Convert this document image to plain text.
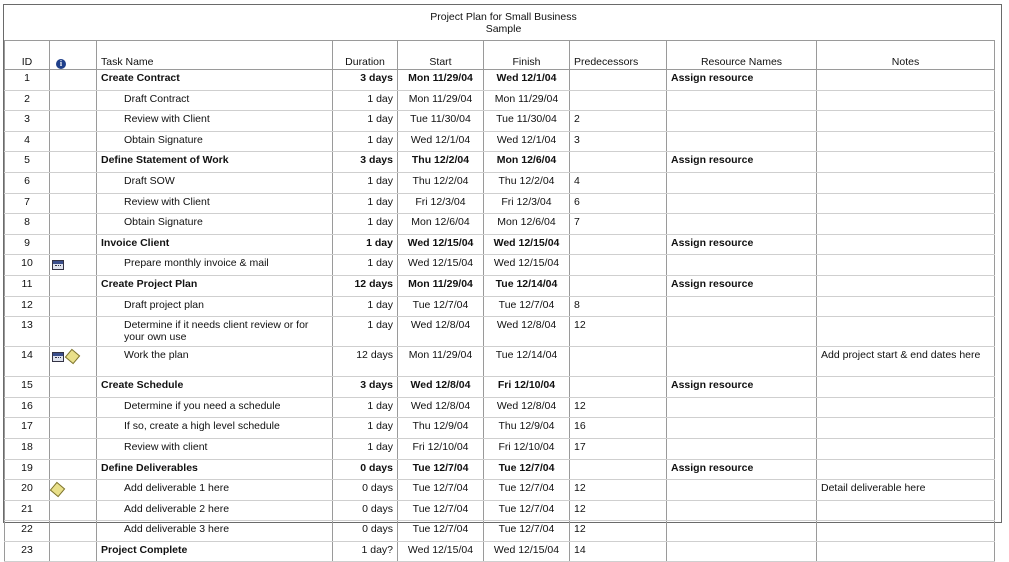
Project Plan for Small Business
Sample
ID	i	Task Name	Duration	Start	Finish	Predecessors	Resource Names	Notes
1		Create Contract	3 days	Mon 11/29/04	Wed 12/1/04		Assign resource	
2		Draft Contract	1 day	Mon 11/29/04	Mon 11/29/04			
3		Review with Client	1 day	Tue 11/30/04	Tue 11/30/04	2		
4		Obtain Signature	1 day	Wed 12/1/04	Wed 12/1/04	3		
5		Define Statement of Work	3 days	Thu 12/2/04	Mon 12/6/04		Assign resource	
6		Draft SOW	1 day	Thu 12/2/04	Thu 12/2/04	4		
7		Review with Client	1 day	Fri 12/3/04	Fri 12/3/04	6		
8		Obtain Signature	1 day	Mon 12/6/04	Mon 12/6/04	7		
9		Invoice Client	1 day	Wed 12/15/04	Wed 12/15/04		Assign resource	
10		Prepare monthly invoice & mail	1 day	Wed 12/15/04	Wed 12/15/04			
11		Create Project Plan	12 days	Mon 11/29/04	Tue 12/14/04		Assign resource	
12		Draft project plan	1 day	Tue 12/7/04	Tue 12/7/04	8		
13		Determine if it needs client review or for your own use	1 day	Wed 12/8/04	Wed 12/8/04	12		
14		Work the plan	12 days	Mon 11/29/04	Tue 12/14/04			Add project start & end dates here
15		Create Schedule	3 days	Wed 12/8/04	Fri 12/10/04		Assign resource	
16		Determine if you need a schedule	1 day	Wed 12/8/04	Wed 12/8/04	12		
17		If so, create a high level schedule	1 day	Thu 12/9/04	Thu 12/9/04	16		
18		Review with client	1 day	Fri 12/10/04	Fri 12/10/04	17		
19		Define Deliverables	0 days	Tue 12/7/04	Tue 12/7/04		Assign resource	
20		Add deliverable 1 here	0 days	Tue 12/7/04	Tue 12/7/04	12		Detail deliverable here
21		Add deliverable 2 here	0 days	Tue 12/7/04	Tue 12/7/04	12		
22		Add deliverable 3 here	0 days	Tue 12/7/04	Tue 12/7/04	12		
23		Project Complete	1 day?	Wed 12/15/04	Wed 12/15/04	14		
